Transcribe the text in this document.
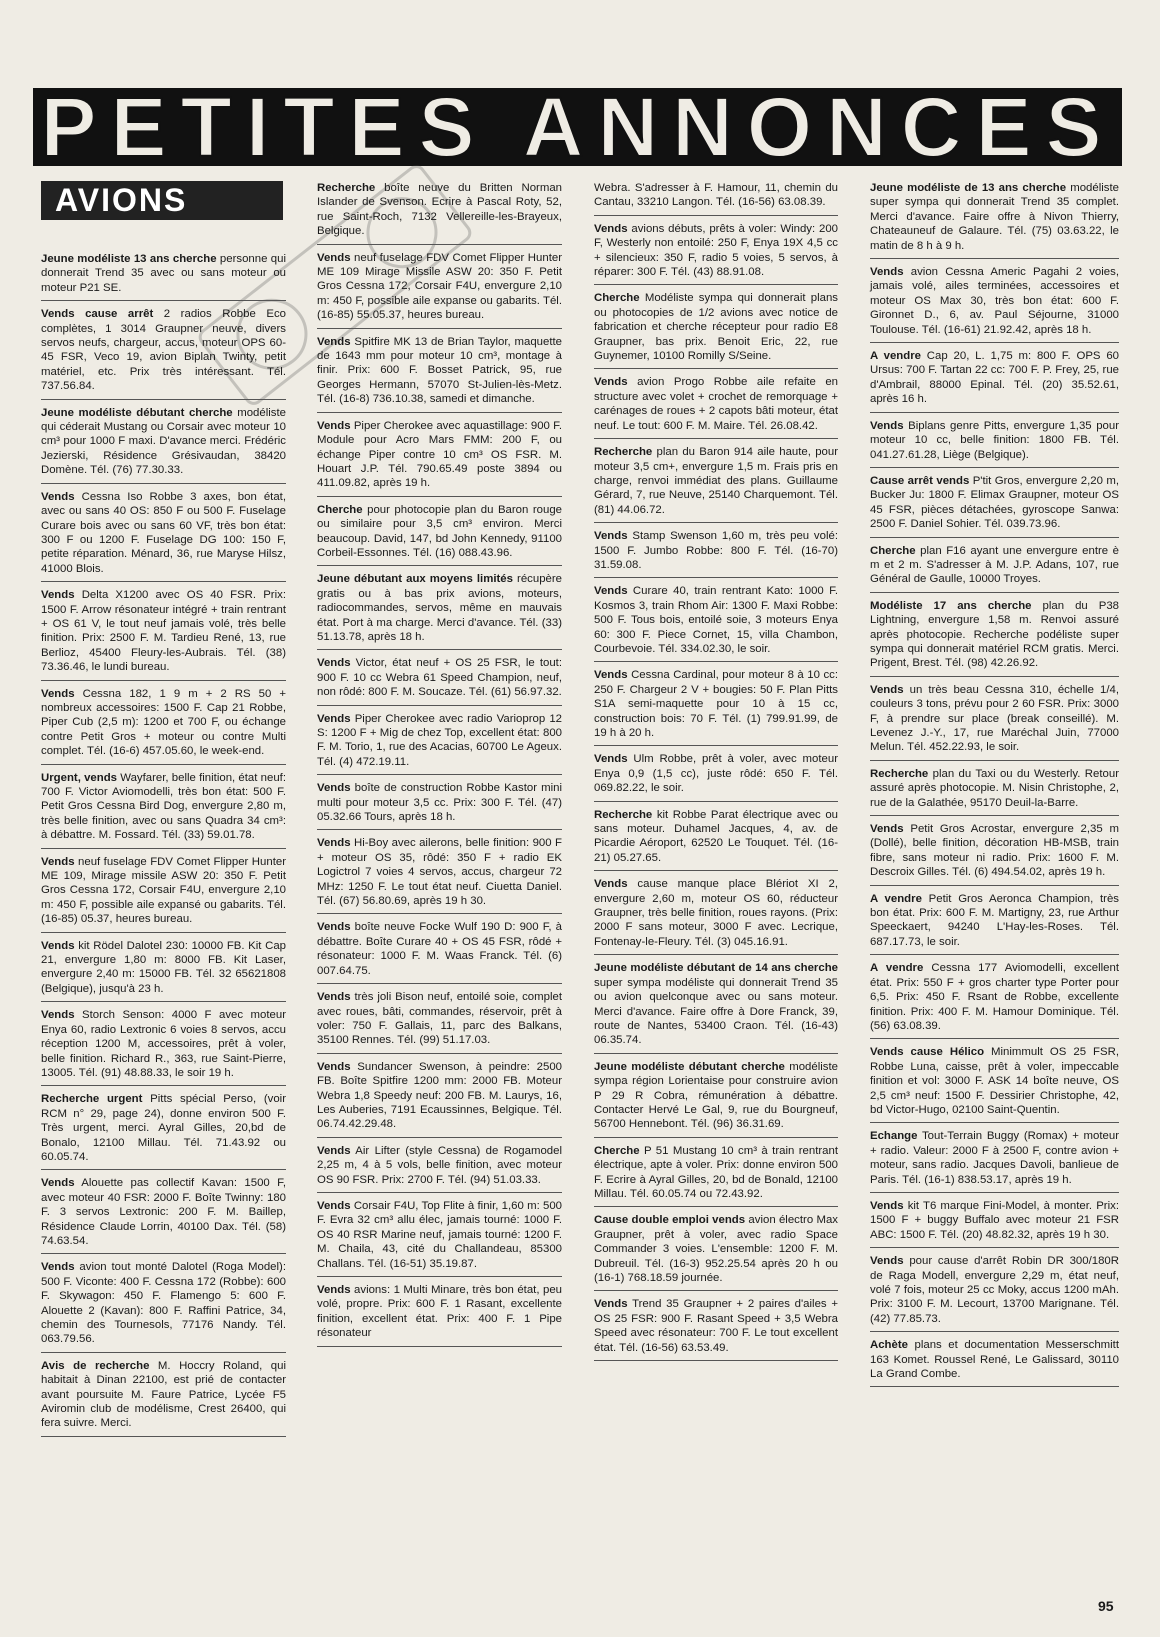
PETITES ANNONCES
AVIONS

Jeune modéliste 13 ans cherche personne qui donnerait Trend 35 avec ou sans moteur ou moteur P21 SE.

Vends cause arrêt 2 radios Robbe Eco complètes, 1 3014 Graupner neuve, divers servos neufs, chargeur, accus, moteur OPS 60-45 FSR, Veco 19, avion Biplan Twinty, petit matériel, etc. Prix très intéressant. Tél. 737.56.84.

Jeune modéliste débutant cherche modéliste qui céderait Mustang ou Corsair avec moteur 10 cm³ pour 1000 F maxi. D'avance merci. Frédéric Jezierski, Résidence Grésivaudan, 38420 Domène. Tél. (76) 77.30.33.

Vends Cessna Iso Robbe 3 axes, bon état, avec ou sans 40 OS: 850 F ou 500 F. Fuselage Curare bois avec ou sans 60 VF, très bon état: 300 F ou 1200 F. Fuselage DG 100: 150 F, petite réparation. Ménard, 36, rue Maryse Hilsz, 41000 Blois.

Vends Delta X1200 avec OS 40 FSR. Prix: 1500 F. Arrow résonateur intégré + train rentrant + OS 61 V, le tout neuf jamais volé, très belle finition. Prix: 2500 F. M. Tardieu René, 13, rue Berlioz, 45400 Fleury-les-Aubrais. Tél. (38) 73.36.46, le lundi bureau.

Vends Cessna 182, 1 9 m + 2 RS 50 + nombreux accessoires: 1500 F. Cap 21 Robbe, Piper Cub (2,5 m): 1200 et 700 F, ou échange contre Petit Gros + moteur ou contre Multi complet. Tél. (16-6) 457.05.60, le week-end.

Urgent, vends Wayfarer, belle finition, état neuf: 700 F. Victor Aviomodelli, très bon état: 500 F. Petit Gros Cessna Bird Dog, envergure 2,80 m, très belle finition, avec ou sans Quadra 34 cm³: à débattre. M. Fossard. Tél. (33) 59.01.78.

Vends neuf fuselage FDV Comet Flipper Hunter ME 109, Mirage missile ASW 20: 350 F. Petit Gros Cessna 172, Corsair F4U, envergure 2,10 m: 450 F, possible aile expansé ou gabarits. Tél. (16-85) 05.37, heures bureau.

Vends kit Rödel Dalotel 230: 10000 FB. Kit Cap 21, envergure 1,80 m: 8000 FB. Kit Laser, envergure 2,40 m: 15000 FB. Tél. 32 65621808 (Belgique), jusqu'à 23 h.

Vends Storch Senson: 4000 F avec moteur Enya 60, radio Lextronic 6 voies 8 servos, accu réception 1200 M, accessoires, prêt à voler, belle finition. Richard R., 363, rue Saint-Pierre, 13005. Tél. (91) 48.88.33, le soir 19 h.

Recherche urgent Pitts spécial Perso, (voir RCM n° 29, page 24), donne environ 500 F. Très urgent, merci. Ayral Gilles, 20,bd de Bonalo, 12100 Millau. Tél. 71.43.92 ou 60.05.74.

Vends Alouette pas collectif Kavan: 1500 F, avec moteur 40 FSR: 2000 F. Boîte Twinny: 180 F. 3 servos Lextronic: 200 F. M. Baillep, Résidence Claude Lorrin, 40100 Dax. Tél. (58) 74.63.54.

Vends avion tout monté Dalotel (Roga Model): 500 F. Viconte: 400 F. Cessna 172 (Robbe): 600 F. Skywagon: 450 F. Flamengo 5: 600 F. Alouette 2 (Kavan): 800 F. Raffini Patrice, 34, chemin des Tournesols, 77176 Nandy. Tél. 063.79.56.

Avis de recherche M. Hoccry Roland, qui habitait à Dinan 22100, est prié de contacter avant poursuite M. Faure Patrice, Lycée F5 Aviromin club de modélisme, Crest 26400, qui fera suivre. Merci.

Recherche boîte neuve du Britten Norman Islander de Svenson. Ecrire à Pascal Roty, 52, rue Saint-Roch, 7132 Vellereille-les-Brayeux, Belgique.

Vends neuf fuselage FDV Comet Flipper Hunter ME 109 Mirage Missile ASW 20: 350 F. Petit Gros Cessna 172, Corsair F4U, envergure 2,10 m: 450 F, possible aile expanse ou gabarits. Tél. (16-85) 55.05.37, heures bureau.

Vends Spitfire MK 13 de Brian Taylor, maquette de 1643 mm pour moteur 10 cm³, montage à finir. Prix: 600 F. Bosset Patrick, 95, rue Georges Hermann, 57070 St-Julien-lès-Metz. Tél. (16-8) 736.10.38, samedi et dimanche.

Vends Piper Cherokee avec aquastillage: 900 F. Module pour Acro Mars FMM: 200 F, ou échange Piper contre 10 cm³ OS FSR. M. Houart J.P. Tél. 790.65.49 poste 3894 ou 411.09.82, après 19 h.

Cherche pour photocopie plan du Baron rouge ou similaire pour 3,5 cm³ environ. Merci beaucoup. David, 147, bd John Kennedy, 91100 Corbeil-Essonnes. Tél. (16) 088.43.96.

Jeune débutant aux moyens limités récupère gratis ou à bas prix avions, moteurs, radiocommandes, servos, même en mauvais état. Port à ma charge. Merci d'avance. Tél. (33) 51.13.78, après 18 h.

Vends Victor, état neuf + OS 25 FSR, le tout: 900 F. 10 cc Webra 61 Speed Champion, neuf, non rôdé: 800 F. M. Soucaze. Tél. (61) 56.97.32.

Vends Piper Cherokee avec radio Varioprop 12 S: 1200 F + Mig de chez Top, excellent état: 800 F. M. Torio, 1, rue des Acacias, 60700 Le Ageux. Tél. (4) 472.19.11.

Vends boîte de construction Robbe Kastor mini multi pour moteur 3,5 cc. Prix: 300 F. Tél. (47) 05.32.66 Tours, après 18 h.

Vends Hi-Boy avec ailerons, belle finition: 900 F + moteur OS 35, rôdé: 350 F + radio EK Logictrol 7 voies 4 servos, accus, chargeur 72 MHz: 1250 F. Le tout état neuf. Ciuetta Daniel. Tél. (67) 56.80.69, après 19 h 30.

Vends boîte neuve Focke Wulf 190 D: 900 F, à débattre. Boîte Curare 40 + OS 45 FSR, rôdé + résonateur: 1000 F. M. Waas Franck. Tél. (6) 007.64.75.

Vends très joli Bison neuf, entoilé soie, complet avec roues, bâti, commandes, réservoir, prêt à voler: 750 F. Gallais, 11, parc des Balkans, 35100 Rennes. Tél. (99) 51.17.03.

Vends Sundancer Swenson, à peindre: 2500 FB. Boîte Spitfire 1200 mm: 2000 FB. Moteur Webra 1,8 Speedy neuf: 200 FB. M. Laurys, 16, Les Auberies, 7191 Ecaussinnes, Belgique. Tél. 06.74.42.29.48.

Vends Air Lifter (style Cessna) de Rogamodel 2,25 m, 4 à 5 vols, belle finition, avec moteur OS 90 FSR. Prix: 2700 F. Tél. (94) 51.03.33.

Vends Corsair F4U, Top Flite à finir, 1,60 m: 500 F. Evra 32 cm³ allu élec, jamais tourné: 1000 F. OS 40 RSR Marine neuf, jamais tourné: 1200 F. M. Chaila, 43, cité du Challandeau, 85300 Challans. Tél. (16-51) 35.19.87.

Vends avions: 1 Multi Minare, très bon état, peu volé, propre. Prix: 600 F. 1 Rasant, excellente finition, excellent état. Prix: 400 F. 1 Pipe résonateur

Webra. S'adresser à F. Hamour, 11, chemin du Cantau, 33210 Langon. Tél. (16-56) 63.08.39.

Vends avions débuts, prêts à voler: Windy: 200 F, Westerly non entoilé: 250 F, Enya 19X 4,5 cc + silencieux: 350 F, radio 5 voies, 5 servos, à réparer: 300 F. Tél. (43) 88.91.08.

Cherche Modéliste sympa qui donnerait plans ou photocopies de 1/2 avions avec notice de fabrication et cherche récepteur pour radio E8 Graupner, bas prix. Benoit Eric, 22, rue Guynemer, 10100 Romilly S/Seine.

Vends avion Progo Robbe aile refaite en structure avec volet + crochet de remorquage + carénages de roues + 2 capots bâti moteur, état neuf. Le tout: 600 F. M. Maire. Tél. 26.08.42.

Recherche plan du Baron 914 aile haute, pour moteur 3,5 cm+, envergure 1,5 m. Frais pris en charge, renvoi immédiat des plans. Guillaume Gérard, 7, rue Neuve, 25140 Charquemont. Tél. (81) 44.06.72.

Vends Stamp Swenson 1,60 m, très peu volé: 1500 F. Jumbo Robbe: 800 F. Tél. (16-70) 31.59.08.

Vends Curare 40, train rentrant Kato: 1000 F. Kosmos 3, train Rhom Air: 1300 F. Maxi Robbe: 500 F. Tous bois, entoilé soie, 3 moteurs Enya 60: 300 F. Piece Cornet, 15, villa Chambon, Courbevoie. Tél. 334.02.30, le soir.

Vends Cessna Cardinal, pour moteur 8 à 10 cc: 250 F. Chargeur 2 V + bougies: 50 F. Plan Pitts S1A semi-maquette pour 10 à 15 cc, construction bois: 70 F. Tél. (1) 799.91.99, de 19 h à 20 h.

Vends Ulm Robbe, prêt à voler, avec moteur Enya 0,9 (1,5 cc), juste rôdé: 650 F. Tél. 069.82.22, le soir.

Recherche kit Robbe Parat électrique avec ou sans moteur. Duhamel Jacques, 4, av. de Picardie Aéroport, 62520 Le Touquet. Tél. (16-21) 05.27.65.

Vends cause manque place Blériot XI 2, envergure 2,60 m, moteur OS 60, réducteur Graupner, très belle finition, roues rayons. (Prix: 2000 F sans moteur, 3000 F avec. Lecrique, Fontenay-le-Fleury. Tél. (3) 045.16.91.

Jeune modéliste débutant de 14 ans cherche super sympa modéliste qui donnerait Trend 35 ou avion quelconque avec ou sans moteur. Merci d'avance. Faire offre à Dore Franck, 39, route de Nantes, 53400 Craon. Tél. (16-43) 06.35.74.

Jeune modéliste débutant cherche modéliste sympa région Lorientaise pour construire avion P 29 R Cobra, rémunération à débattre. Contacter Hervé Le Gal, 9, rue du Bourgneuf, 56700 Hennebont. Tél. (96) 36.31.69.

Cherche P 51 Mustang 10 cm³ à train rentrant électrique, apte à voler. Prix: donne environ 500 F. Ecrire à Ayral Gilles, 20, bd de Bonald, 12100 Millau. Tél. 60.05.74 ou 72.43.92.

Cause double emploi vends avion électro Max Graupner, prêt à voler, avec radio Space Commander 3 voies. L'ensemble: 1200 F. M. Dubreuil. Tél. (16-3) 952.25.54 après 20 h ou (16-1) 768.18.59 journée.

Vends Trend 35 Graupner + 2 paires d'ailes + OS 25 FSR: 900 F. Rasant Speed + 3,5 Webra Speed avec résonateur: 700 F. Le tout excellent état. Tél. (16-56) 63.53.49.

Jeune modéliste de 13 ans cherche modéliste super sympa qui donnerait Trend 35 complet. Merci d'avance. Faire offre à Nivon Thierry, Chateauneuf de Galaure. Tél. (75) 03.63.22, le matin de 8 h à 9 h.

Vends avion Cessna Americ Pagahi 2 voies, jamais volé, ailes terminées, accessoires et moteur OS Max 30, très bon état: 600 F. Gironnet D., 6, av. Paul Séjourne, 31000 Toulouse. Tél. (16-61) 21.92.42, après 18 h.

A vendre Cap 20, L. 1,75 m: 800 F. OPS 60 Ursus: 700 F. Tartan 22 cc: 700 F. P. Frey, 25, rue d'Ambrail, 88000 Epinal. Tél. (20) 35.52.61, après 16 h.

Vends Biplans genre Pitts, envergure 1,35 pour moteur 10 cc, belle finition: 1800 FB. Tél. 041.27.61.28, Liège (Belgique).

Cause arrêt vends P'tit Gros, envergure 2,20 m, Bucker Ju: 1800 F. Elimax Graupner, moteur OS 45 FSR, pièces détachées, gyroscope Sanwa: 2500 F. Daniel Sohier. Tél. 039.73.96.

Cherche plan F16 ayant une envergure entre è m et 2 m. S'adresser à M. J.P. Adans, 107, rue Général de Gaulle, 10000 Troyes.

Modéliste 17 ans cherche plan du P38 Lightning, envergure 1,58 m. Renvoi assuré après photocopie. Recherche podéliste super sympa qui donnerait matériel RCM gratis. Merci. Prigent, Brest. Tél. (98) 42.26.92.

Vends un très beau Cessna 310, échelle 1/4, couleurs 3 tons, prévu pour 2 60 FSR. Prix: 3000 F, à prendre sur place (break conseillé). M. Levenez J.-Y., 17, rue Maréchal Juin, 77000 Melun. Tél. 452.22.93, le soir.

Recherche plan du Taxi ou du Westerly. Retour assuré après photocopie. M. Nisin Christophe, 2, rue de la Galathée, 95170 Deuil-la-Barre.

Vends Petit Gros Acrostar, envergure 2,35 m (Dollé), belle finition, décoration HB-MSB, train fibre, sans moteur ni radio. Prix: 1600 F. M. Descroix Gilles. Tél. (6) 494.54.02, après 19 h.

A vendre Petit Gros Aeronca Champion, très bon état. Prix: 600 F. M. Martigny, 23, rue Arthur Speeckaert, 94240 L'Hay-les-Roses. Tél. 687.17.73, le soir.

A vendre Cessna 177 Aviomodelli, excellent état. Prix: 550 F + gros charter type Porter pour 6,5. Prix: 450 F. Rsant de Robbe, excellente finition. Prix: 400 F. M. Hamour Dominique. Tél. (56) 63.08.39.

Vends cause Hélico Minimmult OS 25 FSR, Robbe Luna, caisse, prêt à voler, impeccable finition et vol: 3000 F. ASK 14 boîte neuve, OS 2,5 cm³ neuf: 1500 F. Dessirier Christophe, 42, bd Victor-Hugo, 02100 Saint-Quentin.

Echange Tout-Terrain Buggy (Romax) + moteur + radio. Valeur: 2000 F à 2500 F, contre avion + moteur, sans radio. Jacques Davoli, banlieue de Paris. Tél. (16-1) 838.53.17, après 19 h.

Vends kit T6 marque Fini-Model, à monter. Prix: 1500 F + buggy Buffalo avec moteur 21 FSR ABC: 1500 F. Tél. (20) 48.82.32, après 19 h 30.

Vends pour cause d'arrêt Robin DR 300/180R de Raga Modell, envergure 2,29 m, état neuf, volé 7 fois, moteur 25 cc Moky, accus 1200 mAh. Prix: 3100 F. M. Lecourt, 13700 Marignane. Tél. (42) 77.85.73.

Achète plans et documentation Messerschmitt 163 Komet. Roussel René, Le Galissard, 30110 La Grand Combe.

95
